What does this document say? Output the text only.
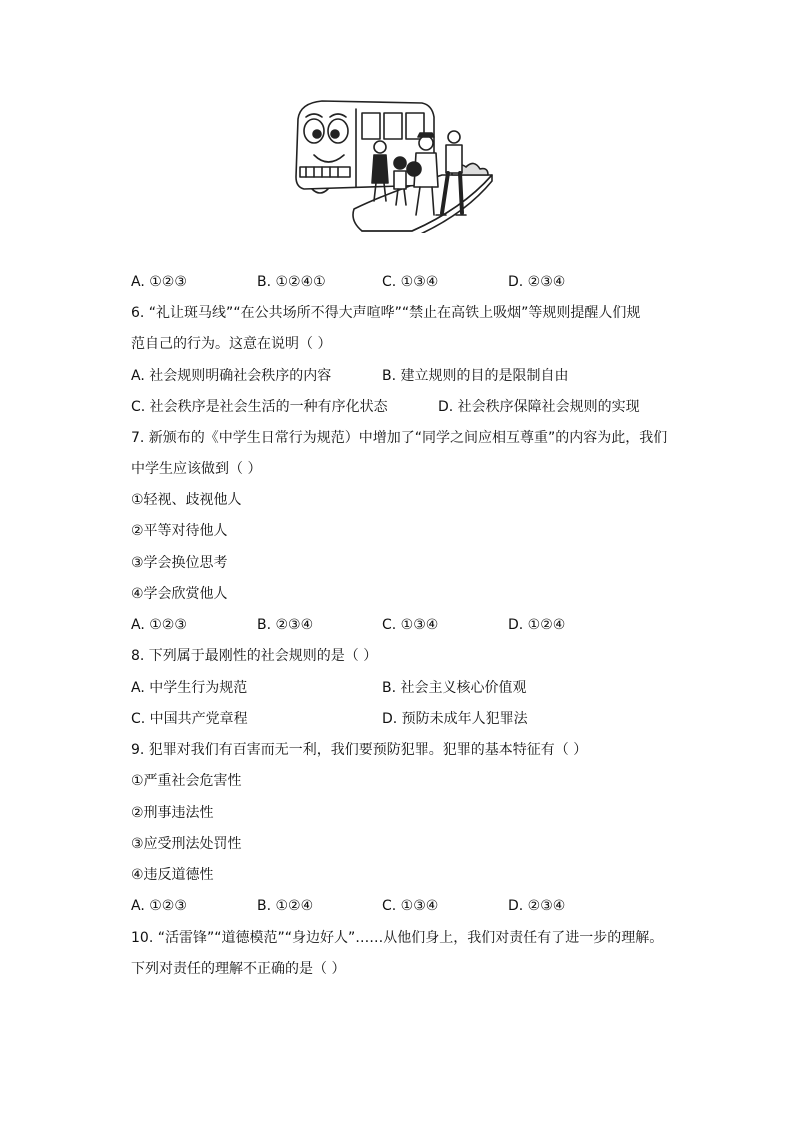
A. ①②③	B. ①②④①	C. ①③④	D. ②③④
6. “礼让斑马线”“在公共场所不得大声喧哗”“禁止在高铁上吸烟”等规则提醒人们规
范自己的行为。这意在说明（ ）
A. 社会规则明确社会秩序的内容	B. 建立规则的目的是限制自由
C. 社会秩序是社会生活的一种有序化状态	D. 社会秩序保障社会规则的实现
7. 新颁布的《中学生日常行为规范）中增加了“同学之间应相互尊重”的内容为此，我们
中学生应该做到（ ）
①轻视、歧视他人
②平等对待他人
③学会换位思考
④学会欣赏他人
A. ①②③	B. ②③④	C. ①③④	D. ①②④
8. 下列属于最刚性的社会规则的是（ ）
A. 中学生行为规范	B. 社会主义核心价值观
C. 中国共产党章程	D. 预防未成年人犯罪法
9. 犯罪对我们有百害而无一利，我们要预防犯罪。犯罪的基本特征有（ ）
①严重社会危害性
②刑事违法性
③应受刑法处罚性
④违反道德性
A. ①②③	B. ①②④	C. ①③④	D. ②③④
10. “活雷锋”“道德模范”“身边好人”……从他们身上，我们对责任有了进一步的理解。
下列对责任的理解不正确的是（ ）
